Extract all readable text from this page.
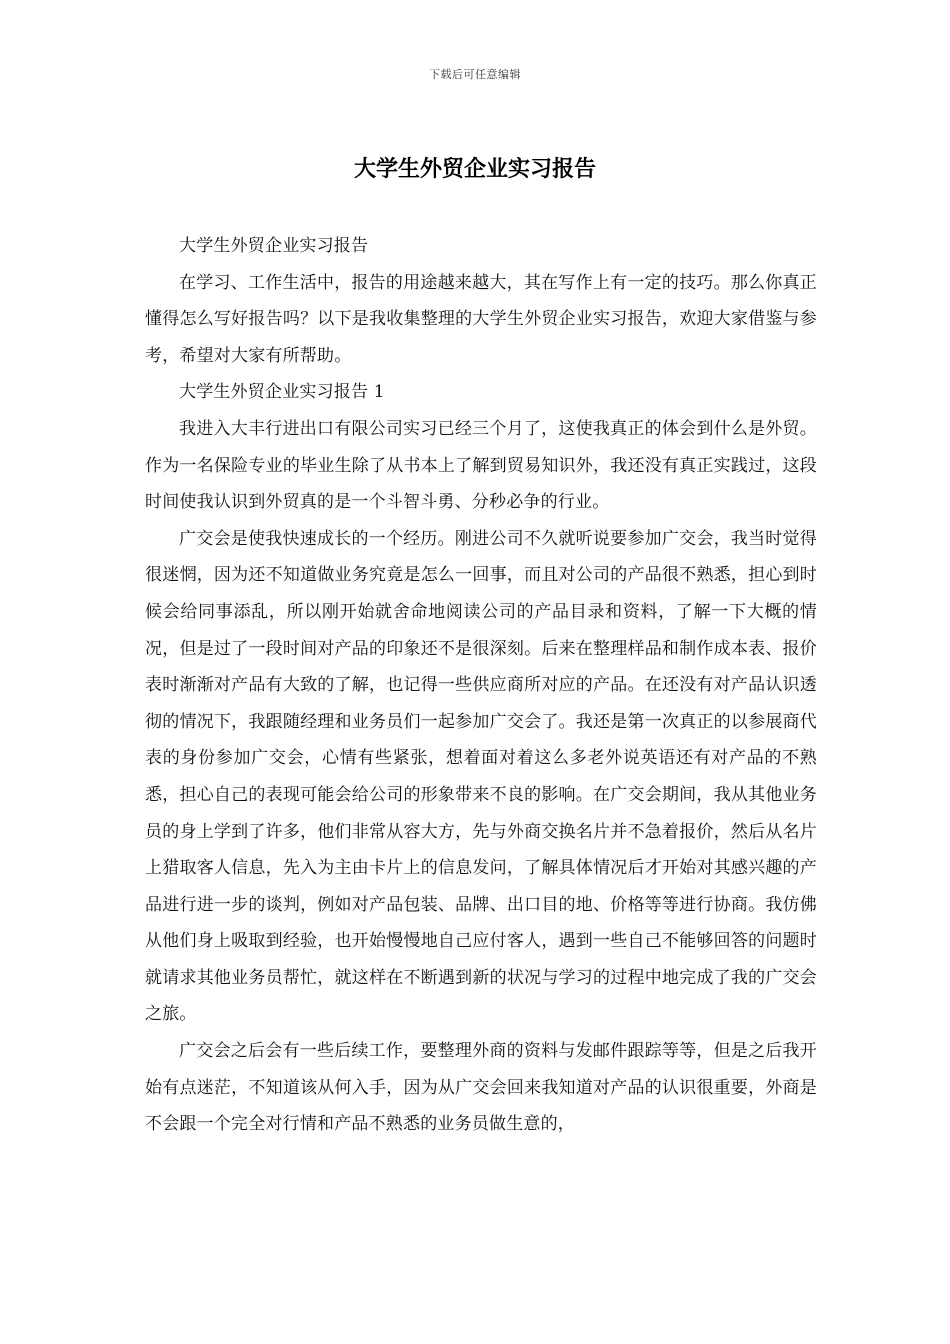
下载后可任意编辑
大学生外贸企业实习报告

大学生外贸企业实习报告

在学习、工作生活中，报告的用途越来越大，其在写作上有一定的技巧。那么你真正懂得怎么写好报告吗？以下是我收集整理的大学生外贸企业实习报告，欢迎大家借鉴与参考，希望对大家有所帮助。

大学生外贸企业实习报告 1

我进入大丰行进出口有限公司实习已经三个月了，这使我真正的体会到什么是外贸。作为一名保险专业的毕业生除了从书本上了解到贸易知识外，我还没有真正实践过，这段时间使我认识到外贸真的是一个斗智斗勇、分秒必争的行业。

广交会是使我快速成长的一个经历。刚进公司不久就听说要参加广交会，我当时觉得很迷惘，因为还不知道做业务究竟是怎么一回事，而且对公司的产品很不熟悉，担心到时候会给同事添乱，所以刚开始就舍命地阅读公司的产品目录和资料，了解一下大概的情况，但是过了一段时间对产品的印象还不是很深刻。后来在整理样品和制作成本表、报价表时渐渐对产品有大致的了解，也记得一些供应商所对应的产品。在还没有对产品认识透彻的情况下，我跟随经理和业务员们一起参加广交会了。我还是第一次真正的以参展商代表的身份参加广交会，心情有些紧张，想着面对着这么多老外说英语还有对产品的不熟悉，担心自己的表现可能会给公司的形象带来不良的影响。在广交会期间，我从其他业务员的身上学到了许多，他们非常从容大方，先与外商交换名片并不急着报价，然后从名片上猎取客人信息，先入为主由卡片上的信息发问，了解具体情况后才开始对其感兴趣的产品进行进一步的谈判，例如对产品包装、品牌、出口目的地、价格等等进行协商。我仿佛从他们身上吸取到经验，也开始慢慢地自己应付客人，遇到一些自己不能够回答的问题时就请求其他业务员帮忙，就这样在不断遇到新的状况与学习的过程中地完成了我的广交会之旅。

广交会之后会有一些后续工作，要整理外商的资料与发邮件跟踪等等，但是之后我开始有点迷茫，不知道该从何入手，因为从广交会回来我知道对产品的认识很重要，外商是不会跟一个完全对行情和产品不熟悉的业务员做生意的，
